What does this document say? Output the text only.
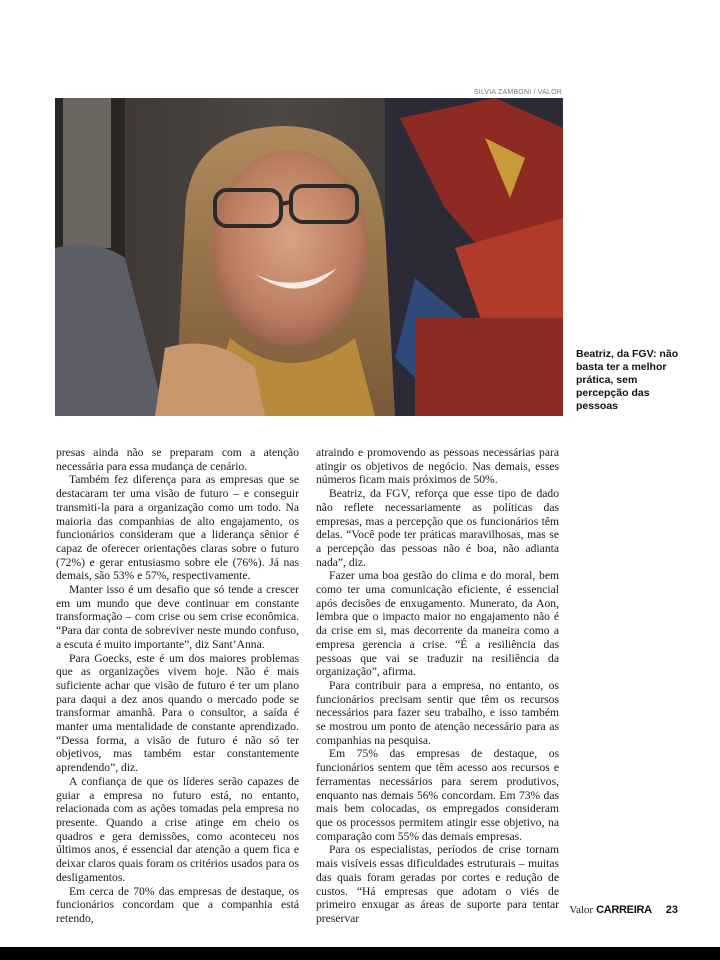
SILVIA ZAMBONI / VALOR
Beatriz, da FGV: não basta ter a melhor prática, sem percepção das pessoas

presas ainda não se preparam com a atenção necessária para essa mudança de cenário.

Também fez diferença para as empresas que se destacaram ter uma visão de futuro – e conseguir transmiti-la para a organização como um todo. Na maioria das companhias de alto engajamento, os funcionários consideram que a liderança sênior é capaz de oferecer orientações claras sobre o futuro (72%) e gerar entusiasmo sobre ele (76%). Já nas demais, são 53% e 57%, respectivamente.

Manter isso é um desafio que só tende a crescer em um mundo que deve continuar em constante transformação – com crise ou sem crise econômica. “Para dar conta de sobreviver neste mundo confuso, a escuta é muito importante”, diz Sant’Anna.

Para Goecks, este é um dos maiores problemas que as organizações vivem hoje. Não é mais suficiente achar que visão de futuro é ter um plano para daqui a dez anos quando o mercado pode se transformar amanhã. Para o consultor, a saída é manter uma mentalidade de constante aprendizado. “Dessa forma, a visão de futuro é não só ter objetivos, mas também estar constantemente aprendendo”, diz.

A confiança de que os líderes serão capazes de guiar a empresa no futuro está, no entanto, relacionada com as ações tomadas pela empresa no presente. Quando a crise atinge em cheio os quadros e gera demissões, como aconteceu nos últimos anos, é essencial dar atenção a quem fica e deixar claros quais foram os critérios usados para os desligamentos.

Em cerca de 70% das empresas de destaque, os funcionários concordam que a companhia está retendo,

atraindo e promovendo as pessoas necessárias para atingir os objetivos de negócio. Nas demais, esses números ficam mais próximos de 50%.

Beatriz, da FGV, reforça que esse tipo de dado não reflete necessariamente as políticas das empresas, mas a percepção que os funcionários têm delas. “Você pode ter práticas maravilhosas, mas se a percepção das pessoas não é boa, não adianta nada”, diz.

Fazer uma boa gestão do clima e do moral, bem como ter uma comunicação eficiente, é essencial após decisões de enxugamento. Munerato, da Aon, lembra que o impacto maior no engajamento não é da crise em si, mas decorrente da maneira como a empresa gerencia a crise. “É a resiliência das pessoas que vai se traduzir na resiliência da organização”, afirma.

Para contribuir para a empresa, no entanto, os funcionários precisam sentir que têm os recursos necessários para fazer seu trabalho, e isso também se mostrou um ponto de atenção necessário para as companhias na pesquisa.

Em 75% das empresas de destaque, os funcionários sentem que têm acesso aos recursos e ferramentas necessários para serem produtivos, enquanto nas demais 56% concordam. Em 73% das mais bem colocadas, os empregados consideram que os processos permitem atingir esse objetivo, na comparação com 55% das demais empresas.

Para os especialistas, períodos de crise tornam mais visíveis essas dificuldades estruturais – muitas das quais foram geradas por cortes e redução de custos. “Há empresas que adotam o viés de primeiro enxugar as áreas de suporte para tentar preservar

Valor CARREIRA 23
